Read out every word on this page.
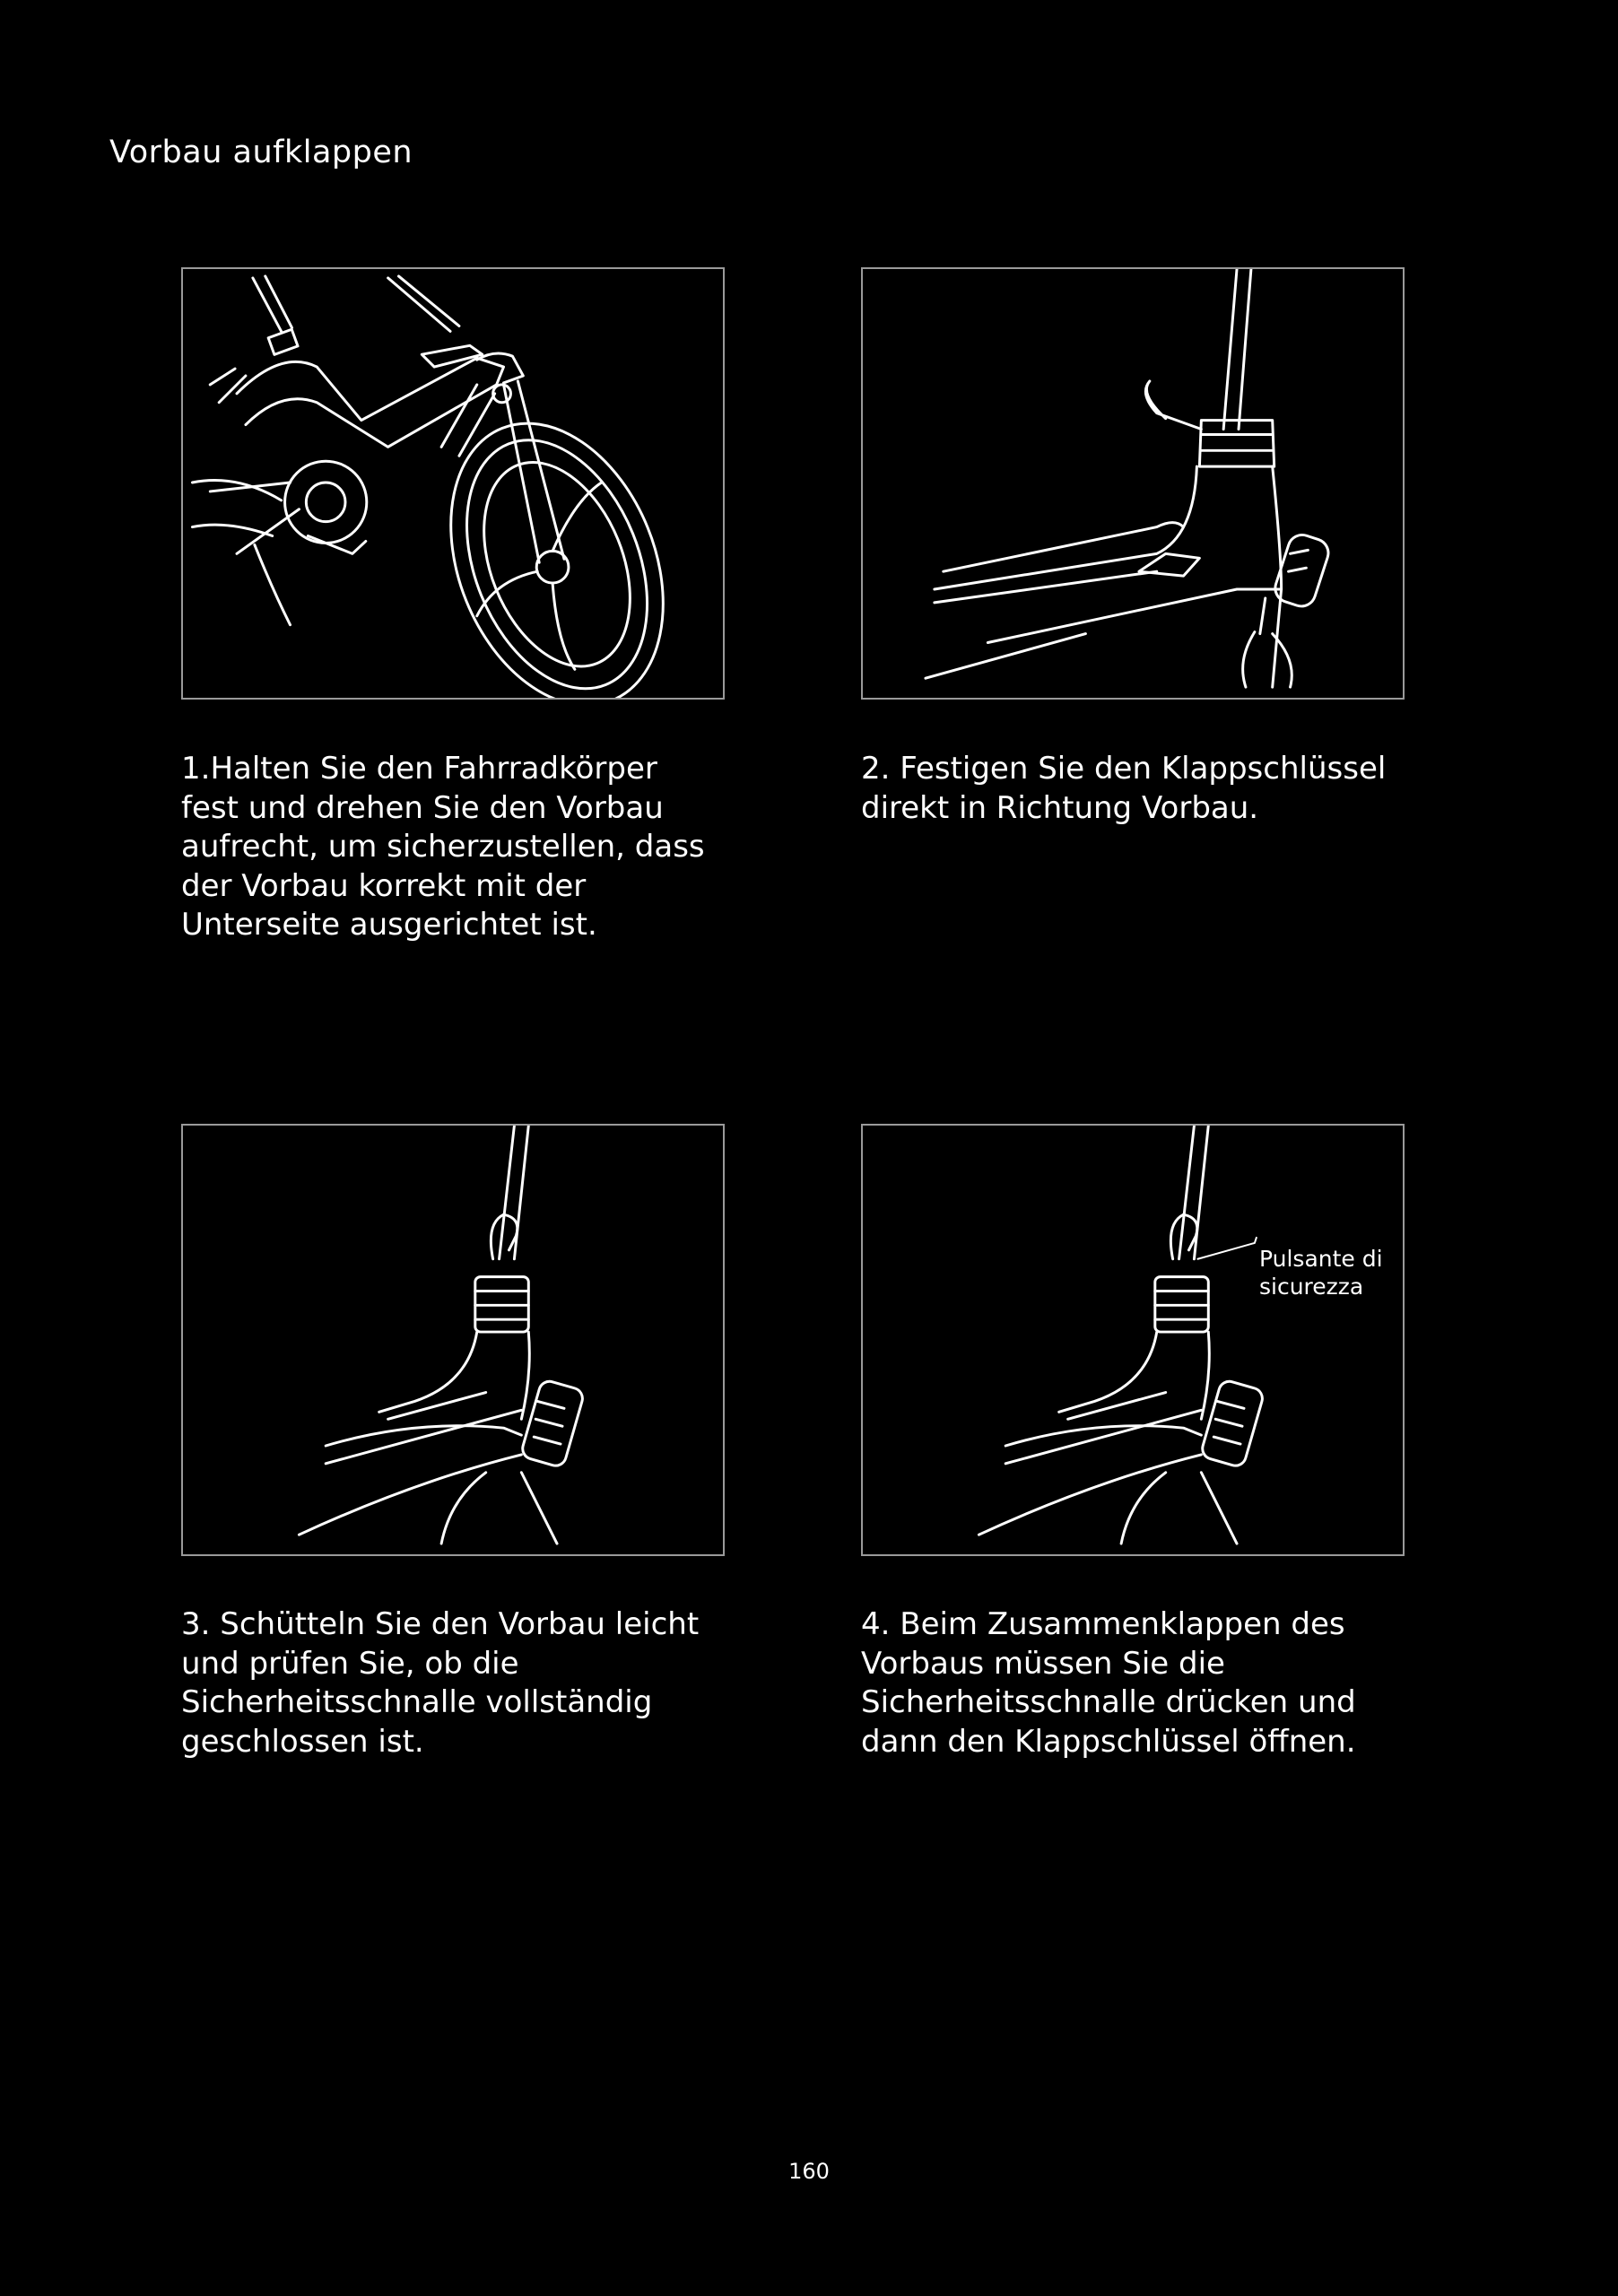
Vorbau aufklappen
1.Halten Sie den Fahrradkörper fest und drehen Sie den Vorbau aufrecht, um sicherzustellen, dass der Vorbau korrekt mit der Unterseite ausgerichtet ist.
2. Festigen Sie den Klappschlüssel direkt in Richtung Vorbau.
Pulsante di
sicurezza
3. Schütteln Sie den Vorbau leicht und prüfen Sie, ob die Sicherheitsschnalle vollständig geschlossen ist.
4. Beim Zusammenklappen des Vorbaus müssen Sie die Sicherheitsschnalle drücken und dann den Klappschlüssel öffnen.
160
